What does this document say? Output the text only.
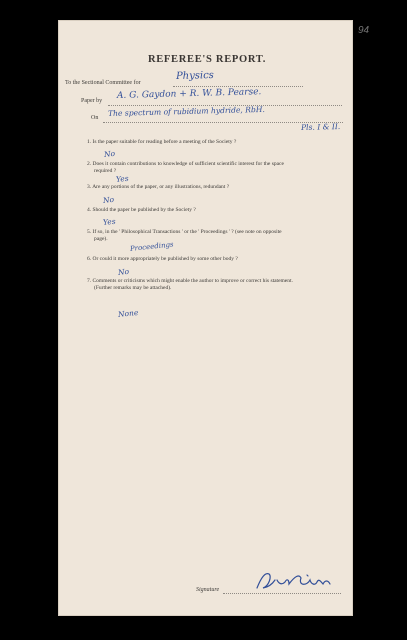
94
REFEREE'S REPORT.
To the Sectional Committee for
Physics
Paper by
A. G. Gaydon + R. W. B. Pearse.
On
The spectrum of rubidium hydride, RbH.
Pls. I & II.
1. Is the paper suitable for reading before a meeting of the Society ?
No
2. Does it contain contributions to knowledge of sufficient scientific interest for the space
required ?
Yes
3. Are any portions of the paper, or any illustrations, redundant ?
No
4. Should the paper be published by the Society ?
Yes
5. If so, in the ' Philosophical Transactions ' or the ' Proceedings ' ? (see note on opposite
page).
Proceedings
6. Or could it more appropriately be published by some other body ?
No
7. Comments or criticisms which might enable the author to improve or correct his statement.
(Further remarks may be attached).
None
Signature
